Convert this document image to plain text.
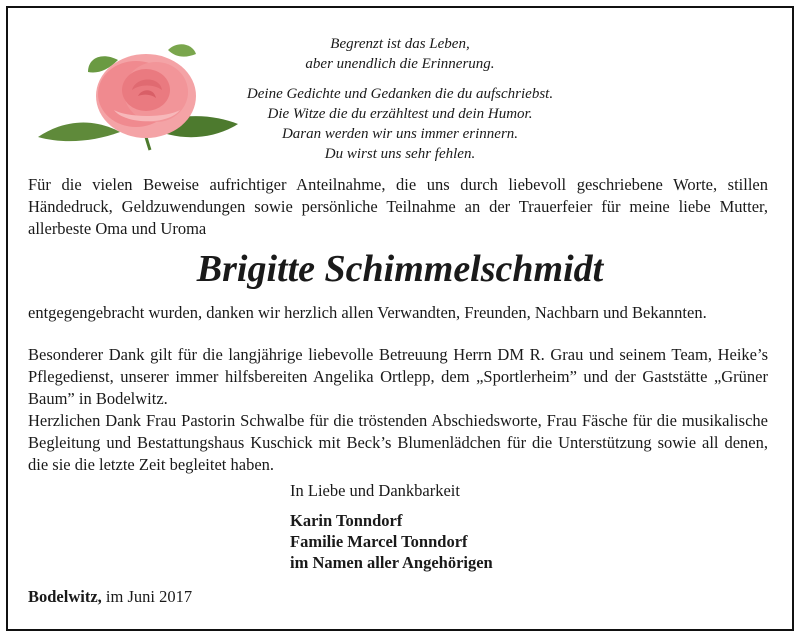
Begrenzt ist das Leben,
aber unendlich die Erinnerung.
Deine Gedichte und Gedanken die du aufschriebst.
Die Witze die du erzähltest und dein Humor.
Daran werden wir uns immer erinnern.
Du wirst uns sehr fehlen.
Für die vielen Beweise aufrichtiger Anteilnahme, die uns durch liebevoll geschriebene Worte, stillen Händedruck, Geldzuwendungen sowie persönliche Teilnahme an der Trauerfeier für meine liebe Mutter, allerbeste Oma und Uroma
Brigitte Schimmelschmidt
entgegengebracht wurden, danken wir herzlich allen Verwandten, Freunden, Nachbarn und Bekannten.
Besonderer Dank gilt für die langjährige liebevolle Betreuung Herrn DM R. Grau und seinem Team, Heike’s Pflegedienst, unserer immer hilfsbereiten Angelika Ortlepp, dem „Sportlerheim” und der Gaststätte „Grüner Baum” in Bodelwitz.
Herzlichen Dank Frau Pastorin Schwalbe für die tröstenden Abschiedsworte, Frau Fäsche für die musikalische Begleitung und Bestattungshaus Kuschick mit Beck’s Blumenlädchen für die Unterstützung sowie all denen, die sie die letzte Zeit begleitet haben.
In Liebe und Dankbarkeit
Karin Tonndorf
Familie Marcel Tonndorf
im Namen aller Angehörigen
Bodelwitz, im Juni 2017
